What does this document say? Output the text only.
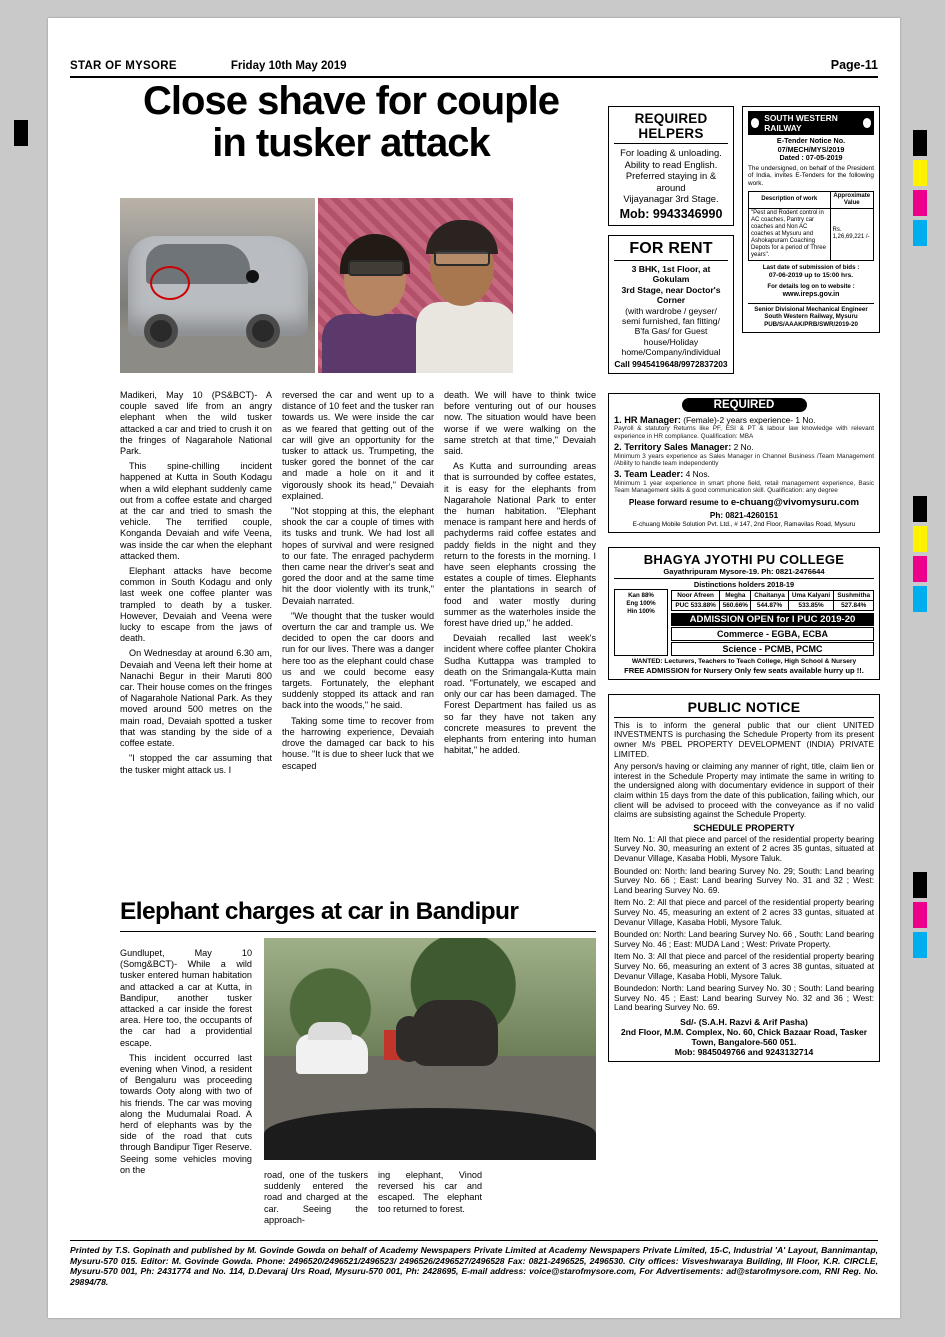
STAR OF MYSORE	Friday 10th May 2019	Page-11
Close shave for couple
in tusker attack

Madikeri, May 10 (PS&BCT)- A couple saved life from an angry elephant when the wild tusker attacked a car and tried to crush it on the fringes of Nagarahole National Park.

This spine-chilling incident happened at Kutta in South Kodagu when a wild elephant suddenly came out from a coffee estate and charged at the car and tried to smash the vehicle. The terrified couple, Konganda Devaiah and wife Veena, was inside the car when the elephant attacked them.

Elephant attacks have become common in South Kodagu and only last week one coffee planter was trampled to death by a tusker. However, Devaiah and Veena were lucky to escape from the jaws of death.

On Wednesday at around 6.30 am, Devaiah and Veena left their home at Nanachi Begur in their Maruti 800 car. Their house comes on the fringes of Nagarahole National Park. As they moved around 500 metres on the main road, Devaiah spotted a tusker that was standing by the side of a coffee estate.

"I stopped the car assuming that the tusker might attack us. I

reversed the car and went up to a distance of 10 feet and the tusker ran towards us. We were inside the car as we feared that getting out of the car will give an opportunity for the tusker to attack us. Trumpeting, the tusker gored the bonnet of the car and made a hole on it and it vigorously shook its head," Devaiah explained.

"Not stopping at this, the elephant shook the car a couple of times with its tusks and trunk. We had lost all hopes of survival and were resigned to our fate. The enraged pachyderm then came near the driver's seat and gored the door and at the same time hit the door violently with its trunk," Devaiah narrated.

"We thought that the tusker would overturn the car and trample us. We decided to open the car doors and run for our lives. There was a danger here too as the elephant could chase us and we could become easy targets. Fortunately, the elephant suddenly stopped its attack and ran back into the woods," he said.

Taking some time to recover from the harrowing experience, Devaiah drove the damaged car back to his house. "It is due to sheer luck that we escaped

death. We will have to think twice before venturing out of our houses now. The situation would have been worse if we were walking on the same stretch at that time," Devaiah said.

As Kutta and surrounding areas that is surrounded by coffee estates, it is easy for the elephants from Nagarahole National Park to enter the human habitation. "Elephant menace is rampant here and herds of pachyderms raid coffee estates and paddy fields in the night and they return to the forests in the morning. I have seen elephants crossing the estates a couple of times. Elephants enter the plantations in search of food and water mostly during summer as the waterholes inside the forest have dried up," he added.

Devaiah recalled last week's incident where coffee planter Chokira Sudha Kuttappa was trampled to death on the Srimangala-Kutta main road. "Fortunately, we escaped and only our car has been damaged. The Forest Department has failed us as so far they have not taken any concrete measures to prevent the elephants from entering into human habitat," he added.

Elephant charges at car in Bandipur

Gundlupet, May 10 (Somg&BCT)- While a wild tusker entered human habitation and attacked a car at Kutta, in Bandipur, another tusker attacked a car inside the forest area. Here too, the occupants of the car had a providential escape.

This incident occurred last evening when Vinod, a resident of Bengaluru was proceeding towards Ooty along with two of his friends. The car was moving along the Mudumalai Road. A herd of elephants was by the side of the road that cuts through Bandipur Tiger Reserve. Seeing some vehicles moving on the

road, one of the tuskers suddenly entered the road and charged at the car. Seeing the approach-

ing elephant, Vinod reversed his car and escaped. The elephant too returned to forest.

REQUIRED HELPERS
For loading & unloading.
Ability to read English.
Preferred staying in & around
Vijayanagar 3rd Stage.
Mob: 9943346990
FOR RENT
3 BHK, 1st Floor, at Gokulam
3rd Stage, near Doctor's Corner
(with wardrobe / geyser/
semi furnished, fan fitting/
B'fa Gas/ for Guest house/Holiday
home/Company/individual
Call 9945419648/9972837203
SOUTH WESTERN RAILWAY
E-Tender Notice No. 07/MECH/MYS/2019
Dated : 07-05-2019
The undersigned, on behalf of the President of India, invites E-Tenders for the following work.
Description of work	Approximate Value
"Pest and Rodent control in AC coaches, Pantry car coaches and Non AC coaches at Mysuru and Ashokapuram Coaching Depots for a period of Three years".	Rs. 1,26,69,221 /-
Last date of submission of bids :
07-06-2019 up to 15:00 hrs.
For details log on to website :
www.ireps.gov.in
Senior Divisional Mechanical Engineer
South Western Railway, Mysuru
PUB/S/AAAK/PRB/SWR/2019-20
REQUIRED
1. HR Manager: (Female)-2 years experience- 1 No.
Payroll & statutory Returns like PF, ESI & PT & labour law knowledge with relevant experience in HR compliance. Qualification: MBA
2. Territory Sales Manager: 2 No.
Minimum 3 years experience as Sales Manager in Channel Business /Team Management /Ability to handle team independently
3. Team Leader: 4 Nos.
Minimum 1 year experience in smart phone field, retail management experience, Basic Team Management skills & good communication skill. Qualification: any degree
Please forward resume to e-chuang@vivomysuru.com
Ph: 0821-4260151
E-chuang Mobile Solution Pvt. Ltd., # 147, 2nd Floor, Ramavilas Road, Mysuru
BHAGYA JYOTHI PU COLLEGE
Gayathripuram Mysore-19. Ph: 0821-2476644
Distinctions holders 2018-19
Kan 88%
Eng 100%
Hin 100%
Noor Afreen	Megha	Chaitanya	Uma Kalyani	Sushmitha
PUC 533.88%	560.66%	544.87%	533.85%	527.84%
ADMISSION OPEN for I PUC 2019-20
Commerce - EGBA, ECBA
Science - PCMB, PCMC
WANTED: Lecturers, Teachers to Teach College, High School & Nursery
FREE ADMISSION for Nursery Only few seats available hurry up !!.
PUBLIC NOTICE

This is to inform the general public that our client UNITED INVESTMENTS is purchasing the Schedule Property from its present owner M/s PBEL PROPERTY DEVELOPMENT (INDIA) PRIVATE LIMITED.

Any person/s having or claiming any manner of right, title, claim lien or interest in the Schedule Property may intimate the same in writing to the undersigned along with documentary evidence in support of their claim within 15 days from the date of this publication, failing which, our client will be advised to proceed with the conveyance as if no valid claims are subsisting against the Schedule Property.

SCHEDULE PROPERTY

Item No. 1: All that piece and parcel of the residential property bearing Survey No. 30, measuring an extent of 2 acres 35 guntas, situated at Devanur Village, Kasaba Hobli, Mysore Taluk.

Bounded on: North: land bearing Survey No. 29; South: Land bearing Survey No. 66 ; East: Land bearing Survey No. 31 and 32 ; West: Land bearing Survey No. 69.

Item No. 2: All that piece and parcel of the residential property bearing Survey No. 45, measuring an extent of 2 acres 33 guntas, situated at Devanur Village, Kasaba Hobli, Mysore Taluk.

Bounded on: North: Land bearing Survey No. 66 , South: Land bearing Survey No. 46 ; East: MUDA Land ; West: Private Property.

Item No. 3: All that piece and parcel of the residential property bearing Survey No. 66, measuring an extent of 3 acres 38 guntas, situated at Devanur Village, Kasaba Hobli, Mysore Taluk.

Boundedon: North: Land bearing Survey No. 30 ; South: Land bearing Survey No. 45 ; East: Land bearing Survey No. 32 and 36 ; West: Land bearing Survey No. 69.

Sd/- (S.A.H. Razvi & Arif Pasha)
2nd Floor, M.M. Complex, No. 60, Chick Bazaar Road, Tasker Town, Bangalore-560 051.
Mob: 9845049766 and 9243132714
Printed by T.S. Gopinath and published by M. Govinde Gowda on behalf of Academy Newspapers Private Limited at Academy Newspapers Private Limited, 15-C, Industrial 'A' Layout, Bannimantap, Mysuru-570 015. Editor: M. Govinde Gowda. Phone: 2496520/2496521/2496523/ 2496526/2496527/2496528 Fax: 0821-2496525, 2496530. City offices: Visveshwaraya Building, III Floor, K.R. CIRCLE, Mysuru-570 001, Ph: 2431774 and No. 114, D.Devaraj Urs Road, Mysuru-570 001, Ph: 2428695, E-mail address: voice@starofmysore.com, For Advertisements: ad@starofmysore.com, RNI Reg. No. 29894/78.
